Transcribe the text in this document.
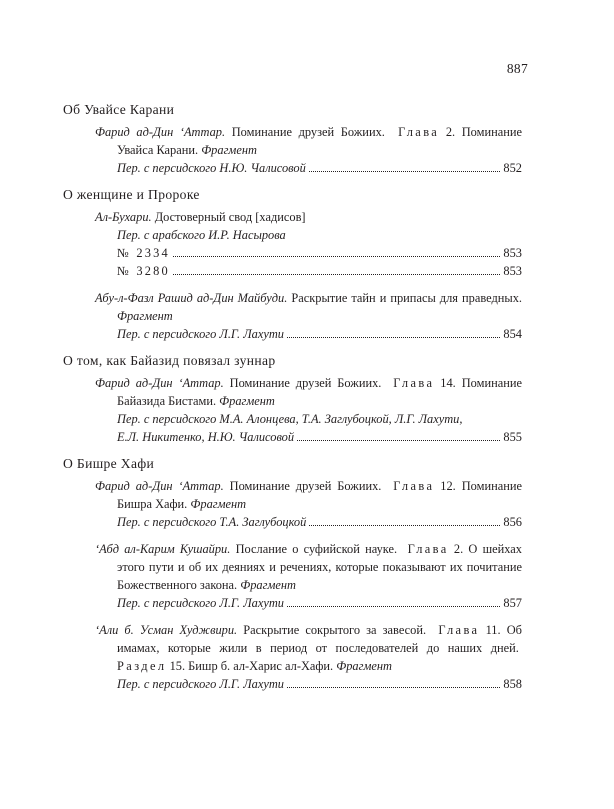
887
Об Увайсе Карани
Фарид ад-Дин ‘Аттар. Поминание друзей Божиих. Глава 2. Поминание Увайса Карани. Фрагмент
Пер. с персидского Н.Ю. Чалисовой	852
О женщине и Пророке
Ал-Бухари. Достоверный свод [хадисов]
Пер. с арабского И.Р. Насырова
№ 2334	853
№ 3280	853
Абу-л-Фазл Рашид ад-Дин Майбуди. Раскрытие тайн и припасы для праведных. Фрагмент
Пер. с персидского Л.Г. Лахути	854
О том, как Байазид повязал зуннар
Фарид ад-Дин ‘Аттар. Поминание друзей Божиих. Глава 14. Поминание Байазида Бистами. Фрагмент
Пер. с персидского М.А. Алонцева, Т.А. Заглубоцкой, Л.Г. Лахути,
Е.Л. Никитенко, Н.Ю. Чалисовой	855
О Бишре Хафи
Фарид ад-Дин ‘Аттар. Поминание друзей Божиих. Глава 12. Поминание Бишра Хафи. Фрагмент
Пер. с персидского Т.А. Заглубоцкой	856
‘Абд ал-Карим Кушайри. Послание о суфийской науке. Глава 2. О шейхах этого пути и об их деяниях и речениях, которые показывают их почитание Божественного закона. Фрагмент
Пер. с персидского Л.Г. Лахути	857
‘Али б. Усман Худжвири. Раскрытие сокрытого за завесой. Глава 11. Об имамах, которые жили в период от последователей до наших дней.  Раздел 15. Бишр б. ал-Харис ал-Хафи. Фрагмент
Пер. с персидского Л.Г. Лахути	858
